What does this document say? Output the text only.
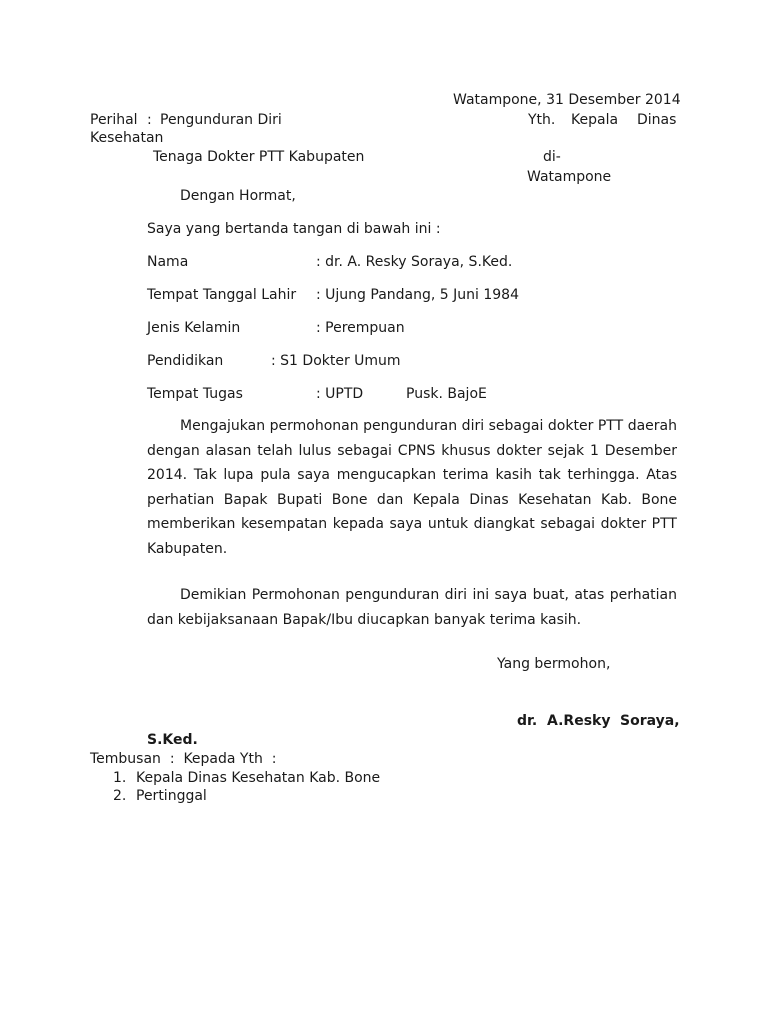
Watampone, 31 Desember 2014
Perihal : Pengunduran Diri	Yth. Kepala Dinas
Kesehatan
Tenaga Dokter PTT Kabupaten	di-
Watampone
Dengan Hormat,
Saya yang bertanda tangan di bawah ini :
Nama	: dr. A. Resky Soraya, S.Ked.
Tempat Tanggal Lahir : Ujung Pandang, 5 Juni 1984
Jenis Kelamin	: Perempuan
Pendidikan	: S1 Dokter Umum
Tempat Tugas	: UPTD	Pusk. BajoE
Mengajukan permohonan pengunduran diri sebagai dokter PTT daerah dengan alasan telah lulus sebagai CPNS khusus dokter sejak 1 Desember 2014. Tak lupa pula saya mengucapkan terima kasih tak terhingga. Atas perhatian Bapak Bupati Bone dan Kepala Dinas Kesehatan Kab. Bone memberikan kesempatan kepada saya untuk diangkat sebagai dokter PTT Kabupaten.
Demikian Permohonan pengunduran diri ini saya buat, atas perhatian dan kebijaksanaan Bapak/Ibu diucapkan banyak terima kasih.
Yang bermohon,
dr. A.Resky Soraya,
S.Ked.
Tembusan  :  Kepada Yth  :
1. Kepala Dinas Kesehatan Kab. Bone
2. Pertinggal
